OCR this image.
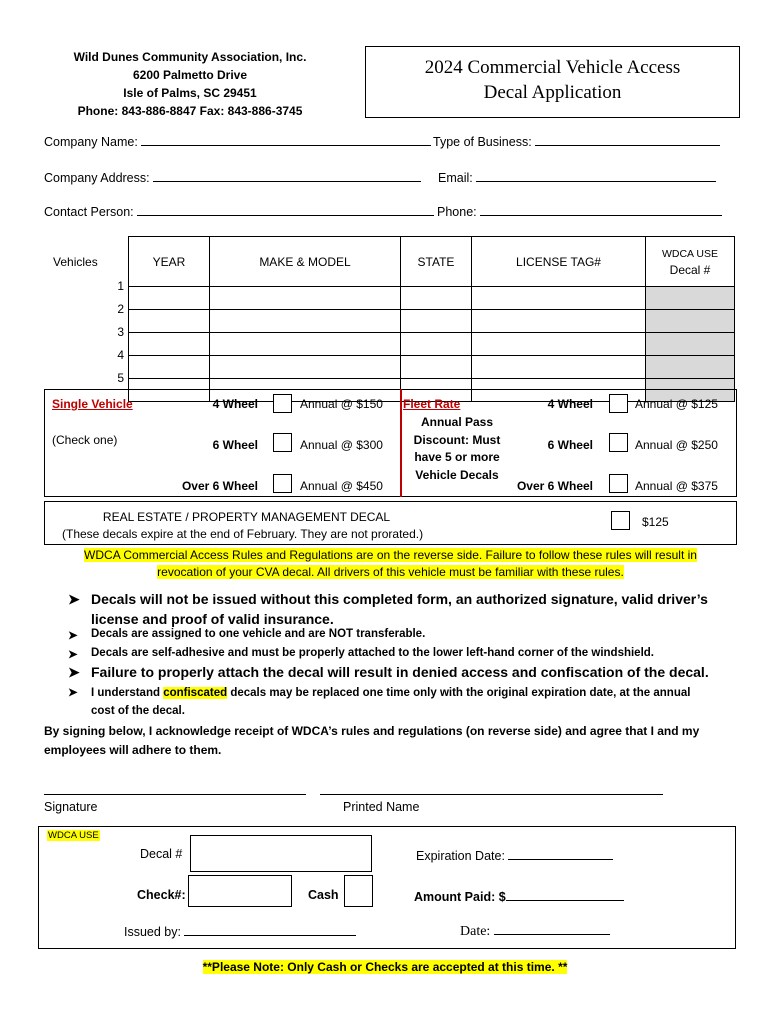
Wild Dunes Community Association, Inc.
6200 Palmetto Drive
Isle of Palms, SC 29451
Phone: 843-886-8847 Fax: 843-886-3745
2024 Commercial Vehicle Access
Decal Application
Company Name:	Type of Business:
Company Address:	Email:
Contact Person:	Phone:
Vehicles	YEAR	MAKE & MODEL	STATE	LICENSE TAG#	WDCA USE
Decal #

1
2
3
4
5
Single Vehicle
(Check one)
4 Wheel	Annual @ $150
6 Wheel	Annual @ $300
Over 6 Wheel	Annual @ $450
Fleet Rate
Annual Pass
Discount: Must
have 5 or more
Vehicle Decals
4 Wheel	Annual @ $125
6 Wheel	Annual @ $250
Over 6 Wheel	Annual @ $375
REAL ESTATE / PROPERTY MANAGEMENT DECAL
(These decals expire at the end of February. They are not prorated.)
$125
WDCA Commercial Access Rules and Regulations are on the reverse side. Failure to follow these rules will result in
revocation of your CVA decal. All drivers of this vehicle must be familiar with these rules.
➤ Decals will not be issued without this completed form, an authorized signature, valid driver’s
license and proof of valid insurance.
➤ Decals are assigned to one vehicle and are NOT transferable.
➤ Decals are self-adhesive and must be properly attached to the lower left-hand corner of the windshield.
➤ Failure to properly attach the decal will result in denied access and confiscation of the decal.
➤ I understand confiscated decals may be replaced one time only with the original expiration date, at the annual
cost of the decal.
By signing below, I acknowledge receipt of WDCA’s rules and regulations (on reverse side) and agree that I and my
employees will adhere to them.
Signature	Printed Name
WDCA USE
Decal #	Expiration Date:
Check#:	Cash	Amount Paid: $
Issued by:	Date:
**Please Note: Only Cash or Checks are accepted at this time. **
